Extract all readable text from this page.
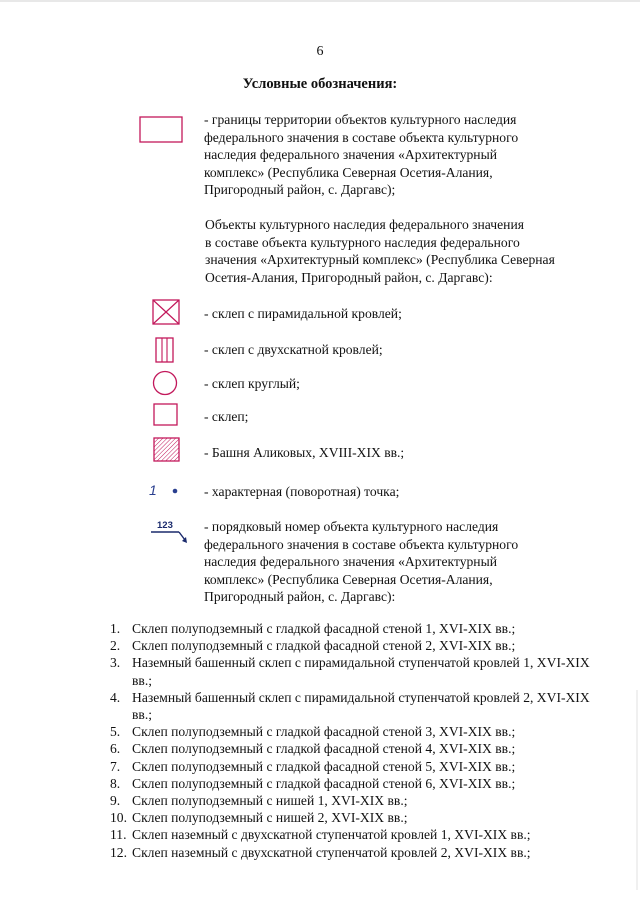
6
Условные обозначения:
1
123
- границы территории объектов культурного наследия
федерального значения в составе объекта культурного
наследия федерального значения «Архитектурный
комплекс» (Республика Северная Осетия-Алания,
Пригородный район, с. Даргавс);
Объекты культурного наследия федерального значения
в составе объекта культурного наследия федерального
значения «Архитектурный комплекс» (Республика Северная
Осетия-Алания, Пригородный район, с. Даргавс):
- склеп с пирамидальной кровлей;
- склеп с двухскатной кровлей;
- склеп круглый;
- склеп;
- Башня Аликовых, XVIII-XIX вв.;
- характерная (поворотная) точка;
- порядковый номер объекта культурного наследия
федерального значения в составе объекта культурного
наследия федерального значения «Архитектурный
комплекс» (Республика Северная Осетия-Алания,
Пригородный район, с. Даргавс):
1. Склеп полуподземный с гладкой фасадной стеной 1, XVI-XIX вв.;
2. Склеп полуподземный с гладкой фасадной стеной 2, XVI-XIX вв.;
3. Наземный башенный склеп с пирамидальной ступенчатой кровлей 1, XVI-XIX вв.;
4. Наземный башенный склеп с пирамидальной ступенчатой кровлей 2, XVI-XIX вв.;
5. Склеп полуподземный с гладкой фасадной стеной 3, XVI-XIX вв.;
6. Склеп полуподземный с гладкой фасадной стеной 4, XVI-XIX вв.;
7. Склеп полуподземный с гладкой фасадной стеной 5, XVI-XIX вв.;
8. Склеп полуподземный с гладкой фасадной стеной 6, XVI-XIX вв.;
9. Склеп полуподземный с нишей 1, XVI-XIX вв.;
10. Склеп полуподземный с нишей 2, XVI-XIX вв.;
11. Склеп наземный с двухскатной ступенчатой кровлей 1, XVI-XIX вв.;
12. Склеп наземный с двухскатной ступенчатой кровлей 2, XVI-XIX вв.;
